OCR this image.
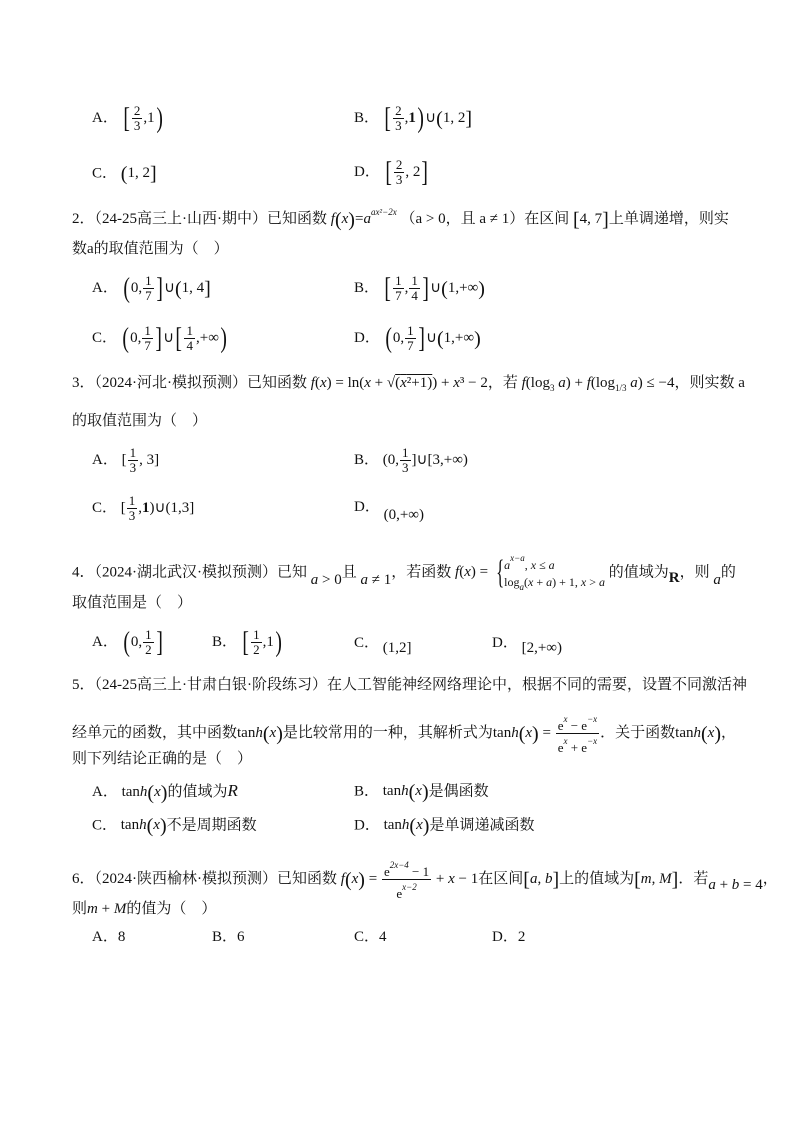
A． [ $\frac{2}{3} ,1$)	B． [ $\frac{2}{3}$ ,1)∪(1, 2]
C． (1, 2]	D． [ $\frac{2}{3}$ , 2]
2．（24-25高三上·山西·期中）已知函数 $f(x)=a^{ax^2-2x}$ （a > 0，且 a ≠ 1）在区间 [4, 7]上单调递增，则实
数a的取值范围为（　）
A． (0, $\frac{1}{7}$ ]∪(1, 4]	B． [ $\frac{1}{7}$ , $\frac{1}{4}$ ]∪(1,+∞)
C． (0, $\frac{1}{7}$ ]∪[ $\frac{1}{4}$ ,+∞)	D． (0, $\frac{1}{7}$ ]∪(1,+∞)
3．（2024·河北·模拟预测）已知函数 f(x) = ln(x + √(x²+1)) + x³ − 2，若 $f(\log_3$ $a) + f(\log_{1/3}$ a) ≤ −4，则实数 a
的取值范围为（　）
A． [ $\frac{1}{3}$ , 3]	B． (0, $\frac{1}{3}$ ]∪[3,+∞)
C． [ $\frac{1}{3}$ ,1)∪(1,3]	D． (0,+∞)
4．（2024·湖北武汉·模拟预测）已知 a > 0且 a ≠ 1，若函数 f(x) = { $a^{x-a}$, x ≤ a
$\log_a(x + a) + 1$, x > a
的值域为R，则 a的
取值范围是（　）
A． (0, $\frac{1}{2}$ ]	B． [ $\frac{1}{2} ,1$)	C． (1,2]	D． [2,+∞)
5．（24-25高三上·甘肃白银·阶段练习）在人工智能神经网络理论中，根据不同的需要，设置不同激活神
经单元的函数，其中函数tanh(x)是比较常用的一种，其解析式为$\tanh(x) = \frac{e^x - e^{-x}}{e^x + e^{-x}}$ ．关于函数tanh(x)，
则下列结论正确的是（　）
A． tanh(x)的值域为R	B． tanh(x)是偶函数
C． tanh(x)不是周期函数	D． tanh(x)是单调递减函数
6．（2024·陕西榆林·模拟预测）已知函数 $f(x) = \frac{e^{2x-4} - 1}{e^{x-2}} + x - 1$在区间[a, b]上的值域为[m, M]．若a + b = 4，
则m + M的值为（　）
A．8	B．6	C．4	D．2
